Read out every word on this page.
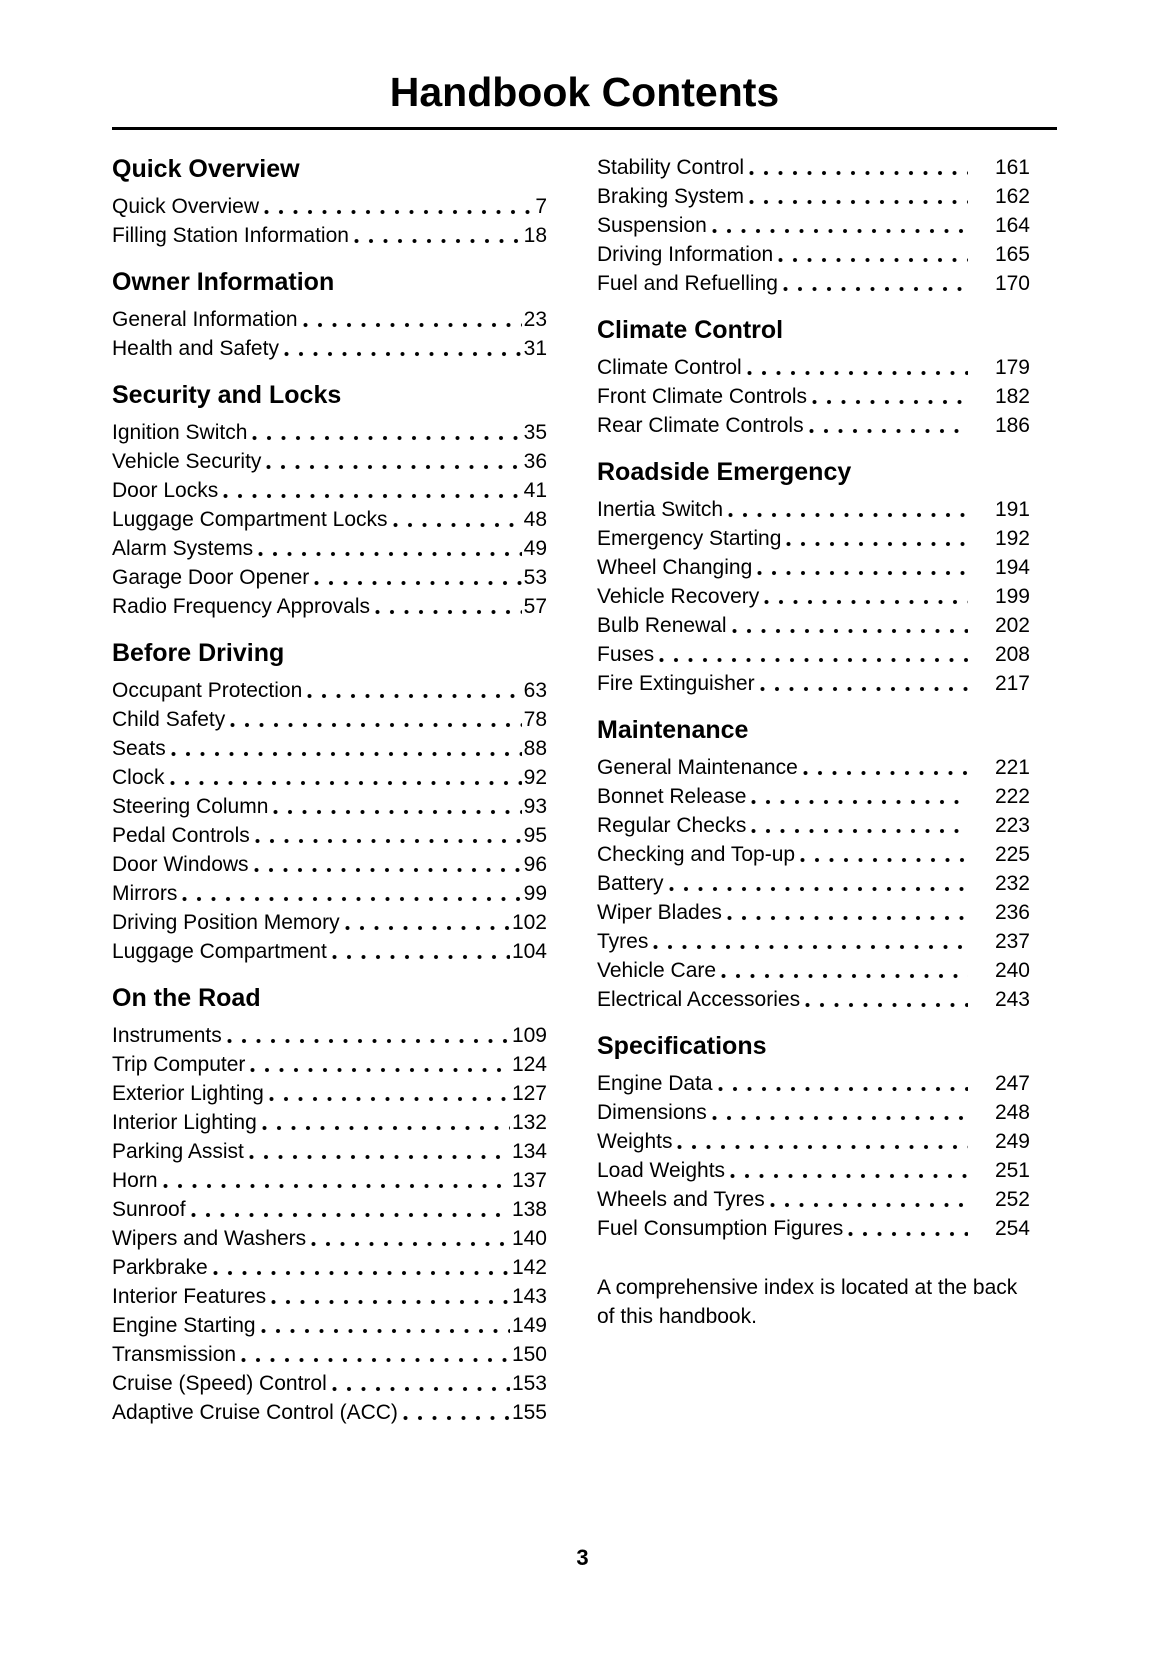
Handbook Contents
Quick Overview
Quick Overview	7
Filling Station Information	18
Owner Information
General Information	23
Health and Safety	31
Security and Locks
Ignition Switch	35
Vehicle Security	36
Door Locks	41
Luggage Compartment Locks	48
Alarm Systems	49
Garage Door Opener	53
Radio Frequency Approvals	57
Before Driving
Occupant Protection	63
Child Safety	78
Seats	88
Clock	92
Steering Column	93
Pedal Controls	95
Door Windows	96
Mirrors	99
Driving Position Memory	102
Luggage Compartment	104
On the Road
Instruments	109
Trip Computer	124
Exterior Lighting	127
Interior Lighting	132
Parking Assist	134
Horn	137
Sunroof	138
Wipers and Washers	140
Parkbrake	142
Interior Features	143
Engine Starting	149
Transmission	150
Cruise (Speed) Control	153
Adaptive Cruise Control (ACC)	155
Stability Control	161
Braking System	162
Suspension	164
Driving Information	165
Fuel and Refuelling	170
Climate Control
Climate Control	179
Front Climate Controls	182
Rear Climate Controls	186
Roadside Emergency
Inertia Switch	191
Emergency Starting	192
Wheel Changing	194
Vehicle Recovery	199
Bulb Renewal	202
Fuses	208
Fire Extinguisher	217
Maintenance
General Maintenance	221
Bonnet Release	222
Regular Checks	223
Checking and Top-up	225
Battery	232
Wiper Blades	236
Tyres	237
Vehicle Care	240
Electrical Accessories	243
Specifications
Engine Data	247
Dimensions	248
Weights	249
Load Weights	251
Wheels and Tyres	252
Fuel Consumption Figures	254

A comprehensive index is located at the back of this handbook.

3
